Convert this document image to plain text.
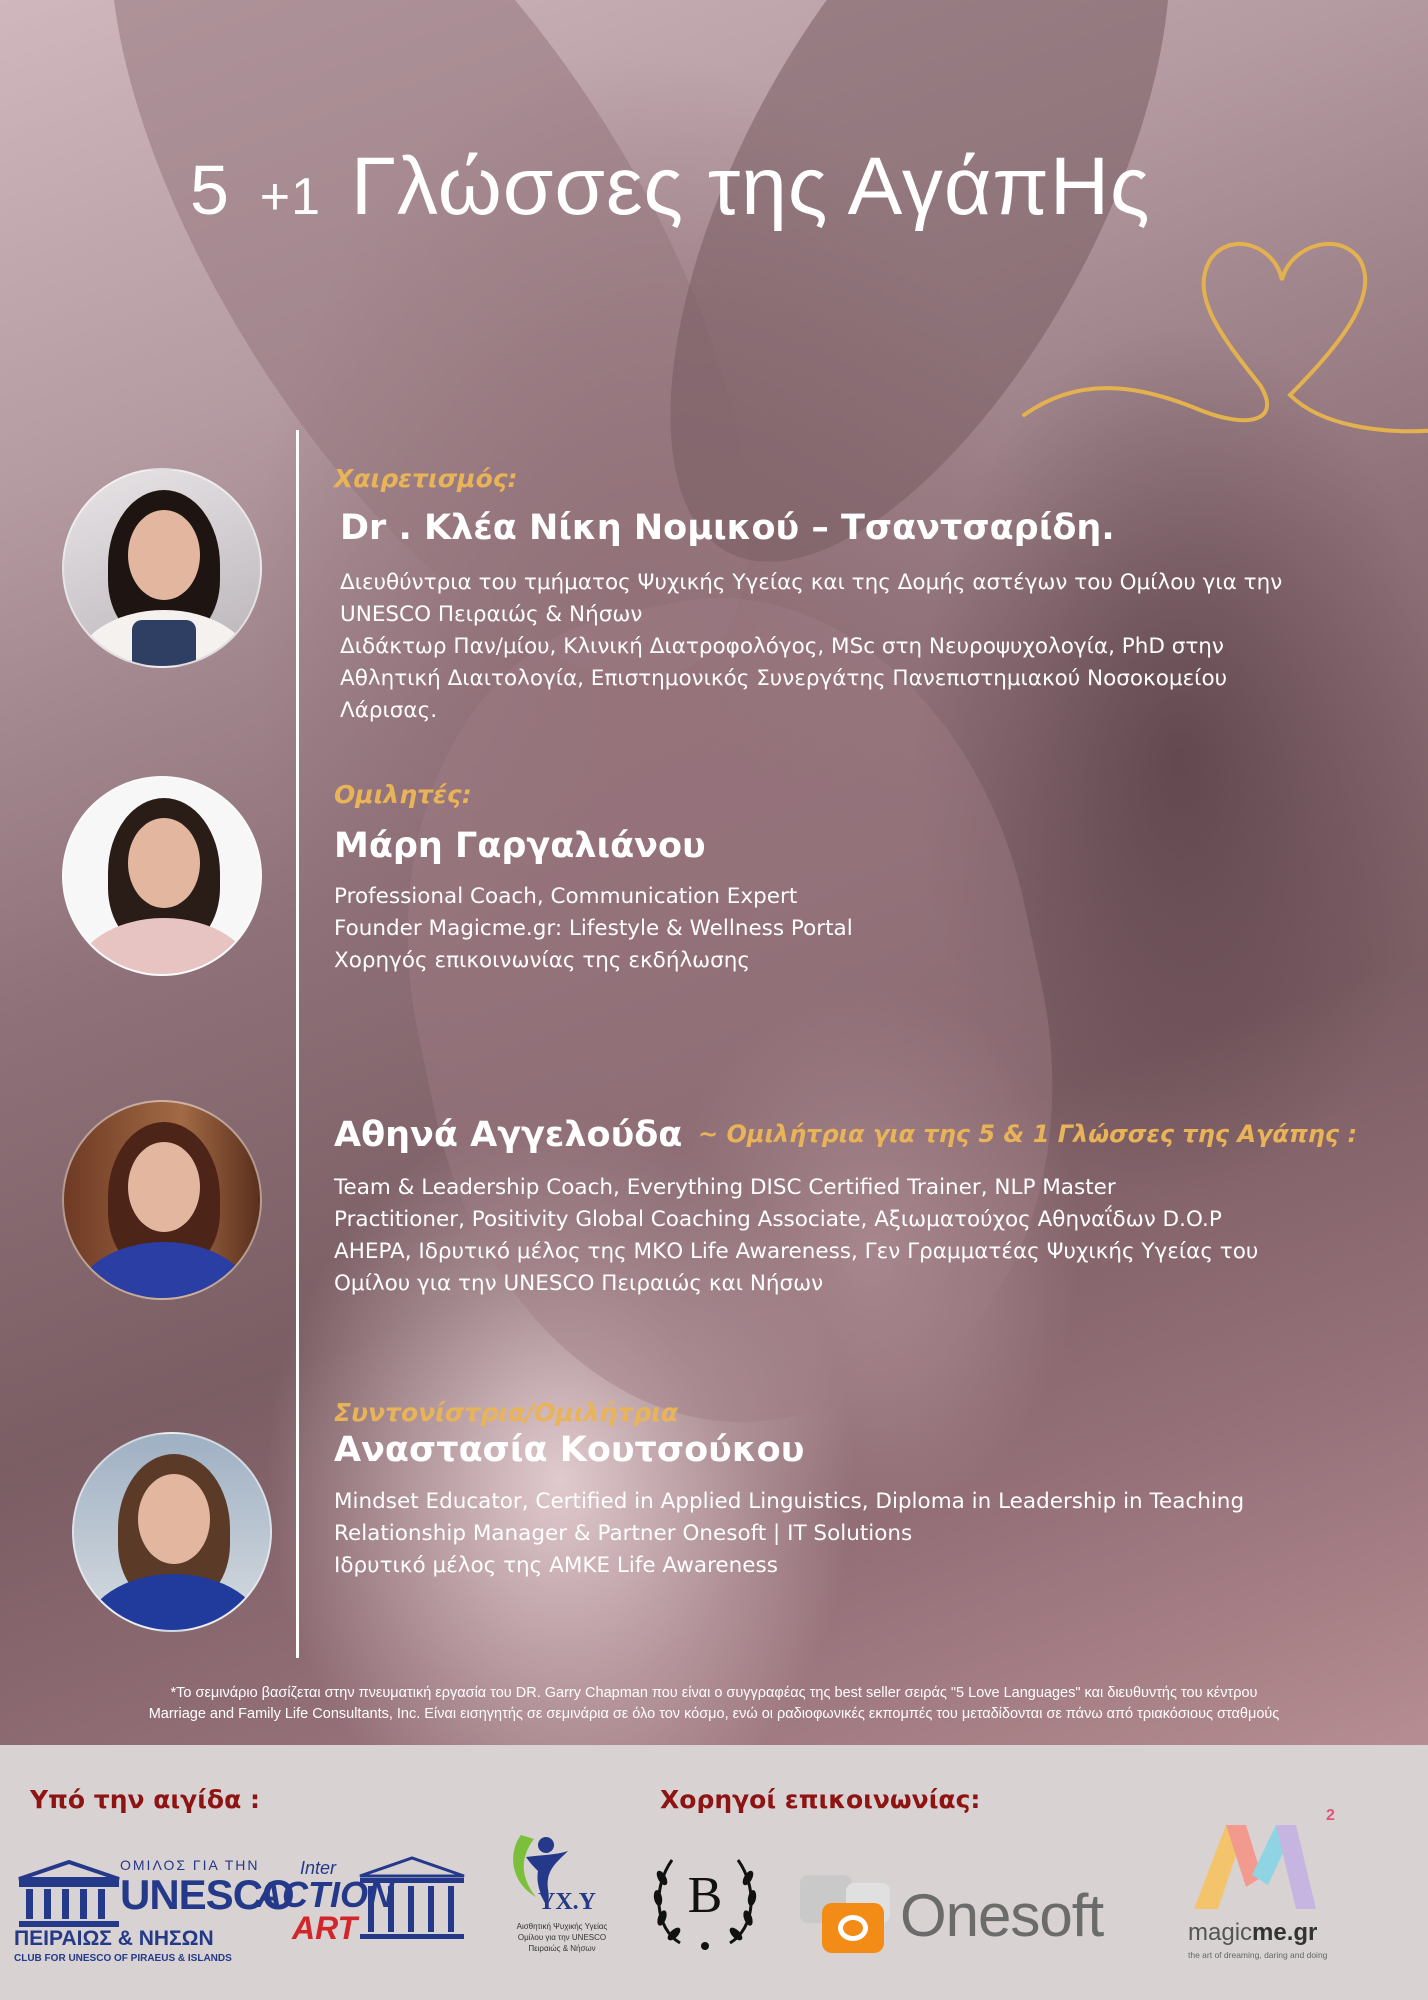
5 +1 Γλώσσες της ΑγάπΗς
Χαιρετισμός:
Dr . Κλέα Νίκη Νομικού – Τσαντσαρίδη.
Διευθύντρια του τμήματος Ψυχικής Υγείας και της Δομής αστέγων του Ομίλου για την
UNESCO Πειραιώς & Νήσων
Διδάκτωρ Παν/μίου, Κλινική Διατροφολόγος, MSc στη Νευροψυχολογία, PhD στην
Αθλητική Διαιτολογία, Επιστημονικός Συνεργάτης Πανεπιστημιακού Νοσοκομείου
Λάρισας.
Ομιλητές:
Μάρη Γαργαλιάνου
Professional Coach, Communication Expert
Founder Magicme.gr: Lifestyle & Wellness Portal
Χορηγός επικοινωνίας της εκδήλωσης
Αθηνά Αγγελούδα ~ Ομιλήτρια για της 5 & 1 Γλώσσες της Αγάπης :
Team & Leadership Coach, Everything DISC Certified Trainer, NLP Master
Practitioner, Positivity Global Coaching Associate, Αξιωματούχος Αθηναΐδων D.O.P
AHEPA, Ιδρυτικό μέλος της ΜΚΟ Life Awareness, Γεν Γραμματέας Ψυχικής Υγείας του
Ομίλου για την UNESCO Πειραιώς και Νήσων
Συντονίστρια/Ομιλήτρια
Αναστασία Κουτσούκου
Mindset Educator, Certified in Applied Linguistics, Diploma in Leadership in Teaching
Relationship Manager & Partner Onesoft | IT Solutions
Ιδρυτικό μέλος της ΑΜΚΕ Life Awareness
*Το σεμινάριο βασίζεται στην πνευματική εργασία του DR. Garry Chapman που είναι ο συγγραφέας της best seller σειράς "5 Love Languages" και διευθυντής του κέντρου
Marriage and Family Life Consultants, Inc. Είναι εισηγητής σε σεμινάρια σε όλο τον κόσμο, ενώ οι ραδιοφωνικές εκπομπές του μεταδίδονται σε πάνω από τριακόσιους σταθμούς
Υπό την αιγίδα :	Χορηγοί επικοινωνίας:
ΟΜΙΛΟΣ ΓΙΑ ΤΗΝ
UNESCO
ΠΕΙΡΑΙΩΣ & ΝΗΣΩΝ
CLUB FOR UNESCO OF PIRAEUS & ISLANDS
Inter
ACTION
ART
ΥΧ.Υ
Αισθητική Ψυχικής Υγείας
Ομίλου για την UNESCO
Πειραιώς & Νήσων
B	Onesoft
2
magicme.gr
the art of dreaming, daring and doing
